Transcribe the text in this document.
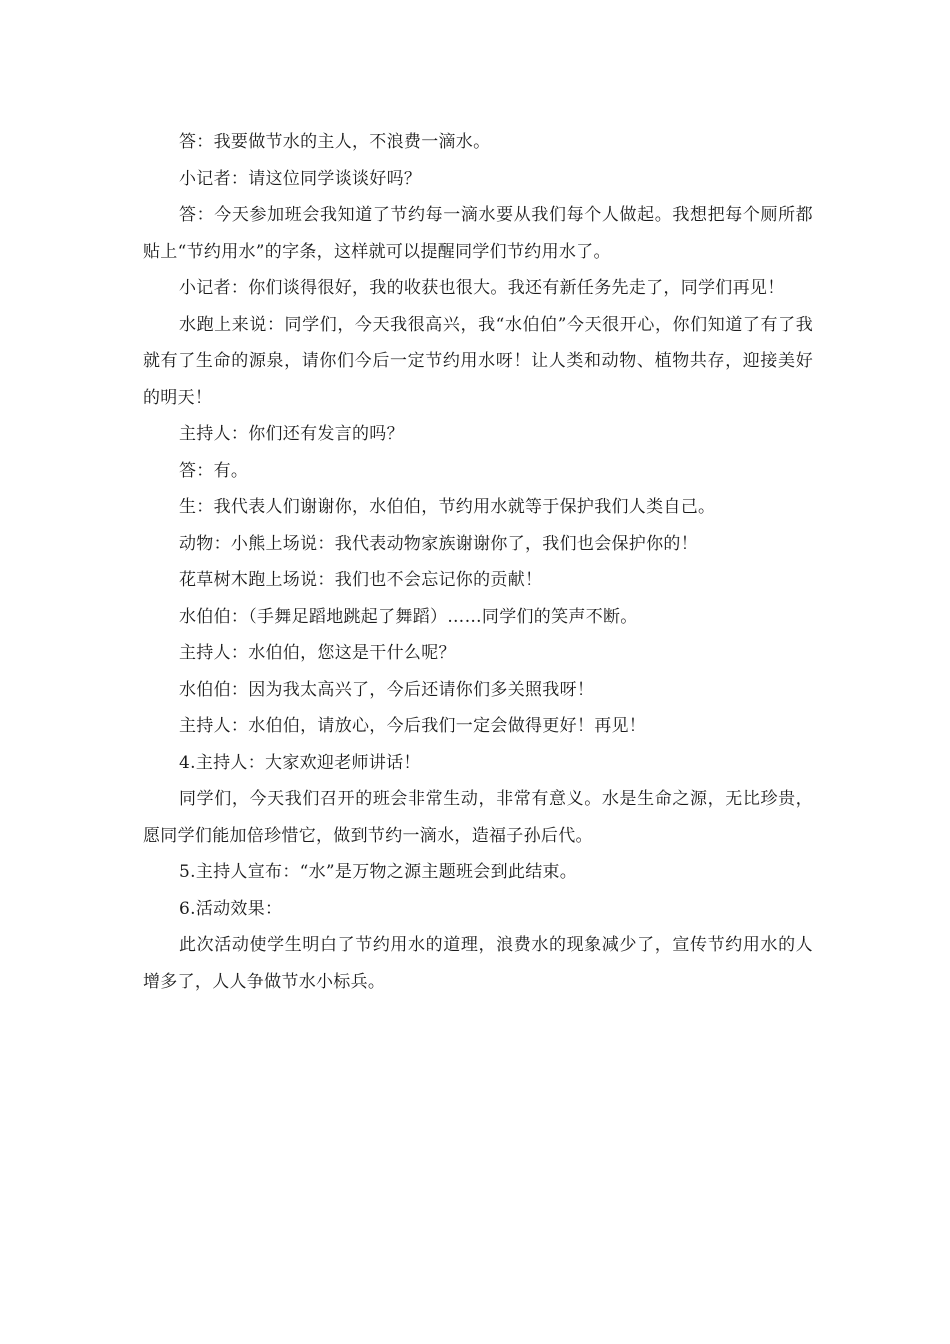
答：我要做节水的主人，不浪费一滴水。

小记者：请这位同学谈谈好吗？

答：今天参加班会我知道了节约每一滴水要从我们每个人做起。我想把每个厕所都贴上“节约用水”的字条，这样就可以提醒同学们节约用水了。

小记者：你们谈得很好，我的收获也很大。我还有新任务先走了，同学们再见！

水跑上来说：同学们，今天我很高兴，我“水伯伯”今天很开心，你们知道了有了我就有了生命的源泉，请你们今后一定节约用水呀！让人类和动物、植物共存，迎接美好的明天！

主持人：你们还有发言的吗？

答：有。

生：我代表人们谢谢你，水伯伯，节约用水就等于保护我们人类自己。

动物：小熊上场说：我代表动物家族谢谢你了，我们也会保护你的！

花草树木跑上场说：我们也不会忘记你的贡献！

水伯伯：（手舞足蹈地跳起了舞蹈）……同学们的笑声不断。

主持人：水伯伯，您这是干什么呢？

水伯伯：因为我太高兴了，今后还请你们多关照我呀！

主持人：水伯伯，请放心，今后我们一定会做得更好！再见！

4.主持人：大家欢迎老师讲话！

同学们，今天我们召开的班会非常生动，非常有意义。水是生命之源，无比珍贵，愿同学们能加倍珍惜它，做到节约一滴水，造福子孙后代。

5.主持人宣布：“水”是万物之源主题班会到此结束。

6.活动效果：

此次活动使学生明白了节约用水的道理，浪费水的现象减少了，宣传节约用水的人增多了，人人争做节水小标兵。
